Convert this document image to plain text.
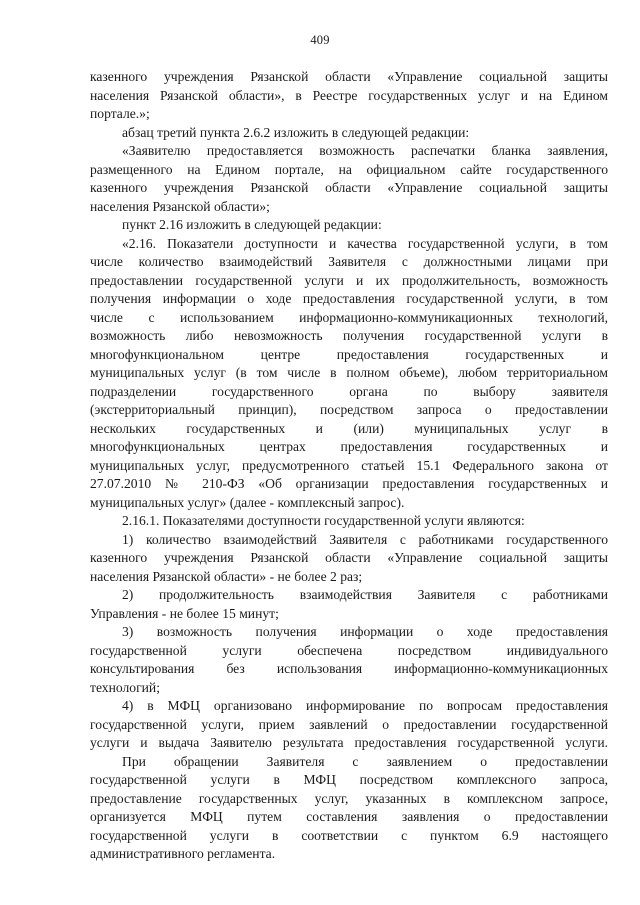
409
казенного учреждения Рязанской области «Управление социальной защиты
населения Рязанской области», в Реестре государственных услуг и на Едином
портале.»;
абзац третий пункта 2.6.2 изложить в следующей редакции:
«Заявителю предоставляется возможность распечатки бланка заявления,
размещенного на Едином портале, на официальном сайте государственного
казенного учреждения Рязанской области «Управление социальной защиты
населения Рязанской области»;
пункт 2.16 изложить в следующей редакции:
«2.16. Показатели доступности и качества государственной услуги, в том
числе количество взаимодействий Заявителя с должностными лицами при
предоставлении государственной услуги и их продолжительность, возможность
получения информации о ходе предоставления государственной услуги, в том
числе с использованием информационно-коммуникационных технологий,
возможность либо невозможность получения государственной услуги в
многофункциональном центре предоставления государственных и
муниципальных услуг (в том числе в полном объеме), любом территориальном
подразделении государственного органа по выбору заявителя
(экстерриториальный принцип), посредством запроса о предоставлении
нескольких государственных и (или) муниципальных услуг в
многофункциональных центрах предоставления государственных и
муниципальных услуг, предусмотренного статьей 15.1 Федерального закона от
27.07.2010 № 210-ФЗ «Об организации предоставления государственных и
муниципальных услуг» (далее - комплексный запрос).
2.16.1. Показателями доступности государственной услуги являются:
1) количество взаимодействий Заявителя с работниками государственного
казенного учреждения Рязанской области «Управление социальной защиты
населения Рязанской области» - не более 2 раз;
2) продолжительность взаимодействия Заявителя с работниками
Управления - не более 15 минут;
3) возможность получения информации о ходе предоставления
государственной услуги обеспечена посредством индивидуального
консультирования без использования информационно-коммуникационных
технологий;
4) в МФЦ организовано информирование по вопросам предоставления
государственной услуги, прием заявлений о предоставлении государственной
услуги и выдача Заявителю результата предоставления государственной услуги.
При обращении Заявителя с заявлением о предоставлении
государственной услуги в МФЦ посредством комплексного запроса,
предоставление государственных услуг, указанных в комплексном запросе,
организуется МФЦ путем составления заявления о предоставлении
государственной услуги в соответствии с пунктом 6.9 настоящего
административного регламента.
